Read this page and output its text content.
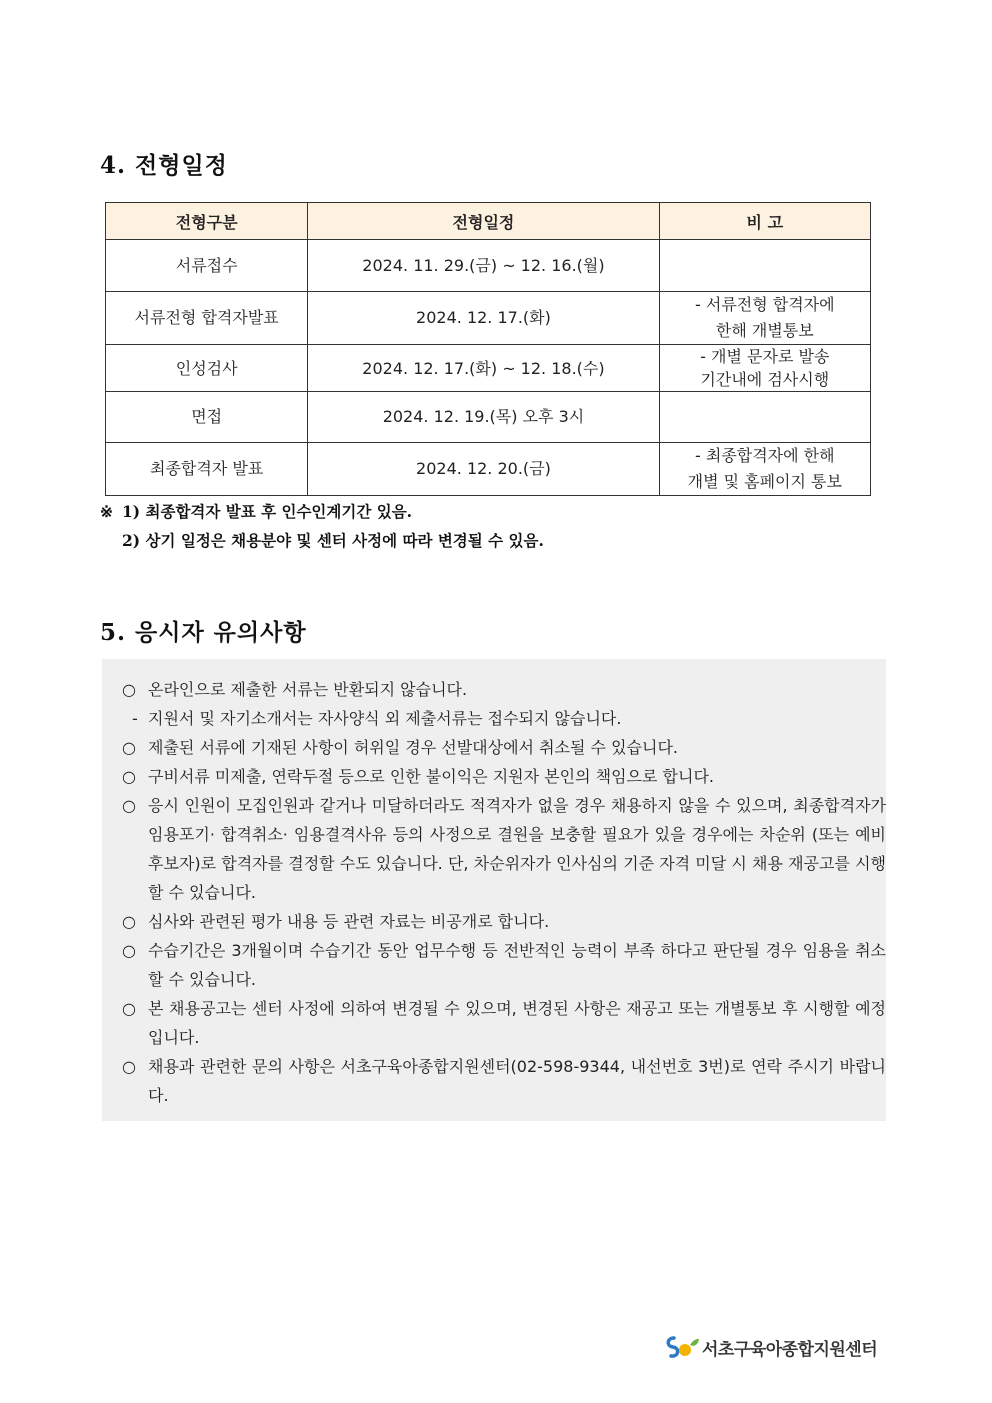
4. 전형일정
전형구분	전형일정	비 고
서류접수	2024. 11. 29.(금) ~ 12. 16.(월)	

서류전형 합격자발표	2024. 12. 17.(화)	- 서류전형 합격자에
한해 개별통보

인성검사	2024. 12. 17.(화) ~ 12. 18.(수)	- 개별 문자로 발송
기간내에 검사시행

면접	2024. 12. 19.(목) 오후 3시	

최종합격자 발표	2024. 12. 20.(금)	- 최종합격자에 한해
개별 및 홈페이지 통보
※ 1) 최종합격자 발표 후 인수인계기간 있음.
2) 상기 일정은 채용분야 및 센터 사정에 따라 변경될 수 있음.
5. 응시자 유의사항
○ 온라인으로 제출한 서류는 반환되지 않습니다.
- 지원서 및 자기소개서는 자사양식 외 제출서류는 접수되지 않습니다.
○ 제출된 서류에 기재된 사항이 허위일 경우 선발대상에서 취소될 수 있습니다.
○ 구비서류 미제출, 연락두절 등으로 인한 불이익은 지원자 본인의 책임으로 합니다.
○ 응시 인원이 모집인원과 같거나 미달하더라도 적격자가 없을 경우 채용하지 않을 수 있으며, 최종합격자가 임용포기· 합격취소· 임용결격사유 등의 사정으로 결원을 보충할 필요가 있을 경우에는 차순위 (또는 예비후보자)로 합격자를 결정할 수도 있습니다. 단, 차순위자가 인사심의 기준 자격 미달 시 채용 재공고를 시행할 수 있습니다.
○ 심사와 관련된 평가 내용 등 관련 자료는 비공개로 합니다.
○ 수습기간은 3개월이며 수습기간 동안 업무수행 등 전반적인 능력이 부족 하다고 판단될 경우 임용을 취소할 수 있습니다.
○ 본 채용공고는 센터 사정에 의하여 변경될 수 있으며, 변경된 사항은 재공고 또는 개별통보 후 시행할 예정입니다.
○ 채용과 관련한 문의 사항은 서초구육아종합지원센터(02-598-9344, 내선번호 3번)로 연락 주시기 바랍니다.
서초구육아종합지원센터
